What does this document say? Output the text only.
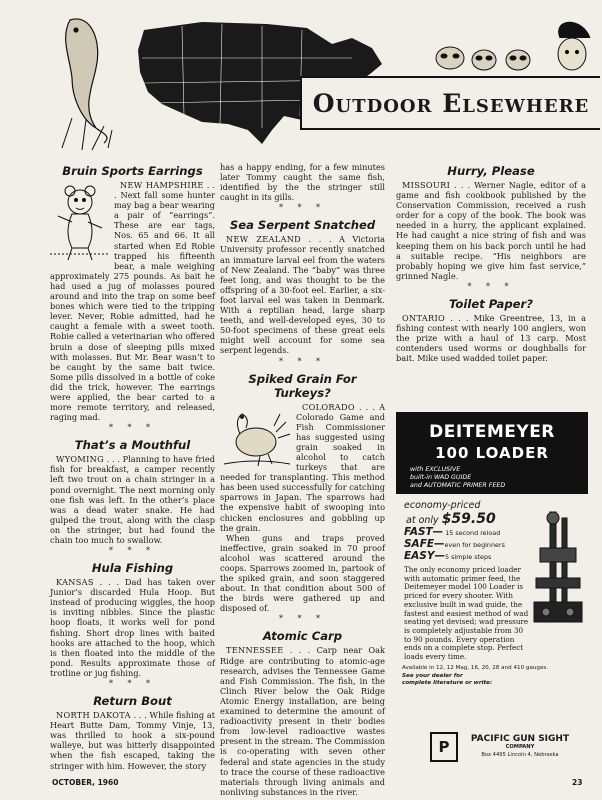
Outdoor Elsewhere
Bruin Sports Earrings

NEW HAMPSHIRE . . . Next fall some hunter may bag a bear wearing a pair of “earrings”. These are ear tags, Nos. 65 and 66. It all started when Ed Robie trapped his fifteenth bear, a male weighing approximately 275 pounds. As bait he had used a jug of molasses poured around and into the trap on some beef bones which were tied to the tripping lever. Never, Robie admitted, had he caught a female with a sweet tooth. Robie called a veterinarian who offered bruin a dose of sleeping pills mixed with molasses. But Mr. Bear wasn’t to be caught by the same bait twice. Some pills dissolved in a bottle of coke did the trick, however. The earrings were applied, the bear carted to a more remote territory, and released, raging mad.

* * *
That’s a Mouthful

WYOMING . . . Planning to have fried fish for breakfast, a camper recently left two trout on a chain stringer in a pond overnight. The next morning only one fish was left. In the other’s place was a dead water snake. He had gulped the trout, along with the clasp on the stringer, but had found the chain too much to swallow.

* * *
Hula Fishing

KANSAS . . . Dad has taken over Junior’s discarded Hula Hoop. But instead of producing wiggles, the hoop is inviting nibbles. Since the plastic hoop floats, it works well for pond fishing. Short drop lines with baited hooks are attached to the hoop, which is then floated into the middle of the pond. Results approximate those of trotline or jug fishing.

* * *
Return Bout

NORTH DAKOTA . . . While fishing at Heart Butte Dam, Tommy Vinje, 13, was thrilled to hook a six-pound walleye, but was bitterly disappointed when the fish escaped, taking the stringer with him. However, the story

has a happy ending, for a few minutes later Tommy caught the same fish, identified by the the stringer still caught in its gills.

* * *
Sea Serpent Snatched

NEW ZEALAND . . . A Victoria University professor recently snatched an immature larval eel from the waters of New Zealand. The “baby” was three feet long, and was thought to be the offspring of a 30-foot eel. Earlier, a six-foot larval eel was taken in Denmark. With a reptilian head, large sharp teeth, and well-developed eyes, 30 to 50-foot specimens of these great eels might well account for some sea serpent legends.

* * *
Spiked Grain For Turkeys?

COLORADO . . . A Colorado Game and Fish Commissioner has suggested using grain soaked in alcohol to catch turkeys that are needed for transplanting. This method has been used successfully for catching sparrows in Japan. The sparrows had the expensive habit of swooping into chicken enclosures and gobbling up the grain.

When guns and traps proved ineffective, grain soaked in 70 proof alcohol was scattered around the coops. Sparrows zoomed in, partook of the spiked grain, and soon staggered about. In that condition about 500 of the birds were gathered up and disposed of.

* * *
Atomic Carp

TENNESSEE . . . Carp near Oak Ridge are contributing to atomic-age research, advises the Tennessee Game and Fish Commission. The fish, in the Clinch River below the Oak Ridge Atomic Energy installation, are being examined to determine the amount of radioactivity present in their bodies from low-level radioactive wastes present in the stream. The Commission is co-operating with seven other federal and state agencies in the study to trace the course of these radioactive materials through living animals and nonliving substances in the river.

Hurry, Please

MISSOURI . . . Werner Nagle, editor of a game and fish cookbook published by the Conservation Commission, received a rush order for a copy of the book. The book was needed in a hurry, the applicant explained. He had caught a nice string of fish and was keeping them on his back porch until he had a suitable recipe. “His neighbors are probably hoping we give him fast service,” grinned Nagle.

* * *
Toilet Paper?

ONTARIO . . . Mike Greentree, 13, in a fishing contest with nearly 100 anglers, won the prize with a haul of 13 carp. Most contenders used worms or doughballs for bait. Mike used wadded toilet paper.

DEITEMEYER
100 LOADER
with EXCLUSIVE
built-in WAD GUIDE
and AUTOMATIC PRIMER FEED
economy-priced
at only $59.50
FAST— 15 second reload
SAFE—even for beginners
EASY—5 simple steps
The only economy priced loader with automatic primer feed, the Deitemeyer model 100 Loader is priced for every shooter. With exclusive built in wad guide, the fastest and easiest method of wad seating yet devised; wad pressure is completely adjustable from 30 to 90 pounds. Every operation ends on a complete stop. Perfect loads every time.
Available in 12, 12 Mag, 16, 20, 28 and 410 gauges.
See your dealer for
complete literature or write:
P	PACIFIC GUN SIGHT
COMPANY
Box 4495 Lincoln 4, Nebraska
OCTOBER, 1960	23
